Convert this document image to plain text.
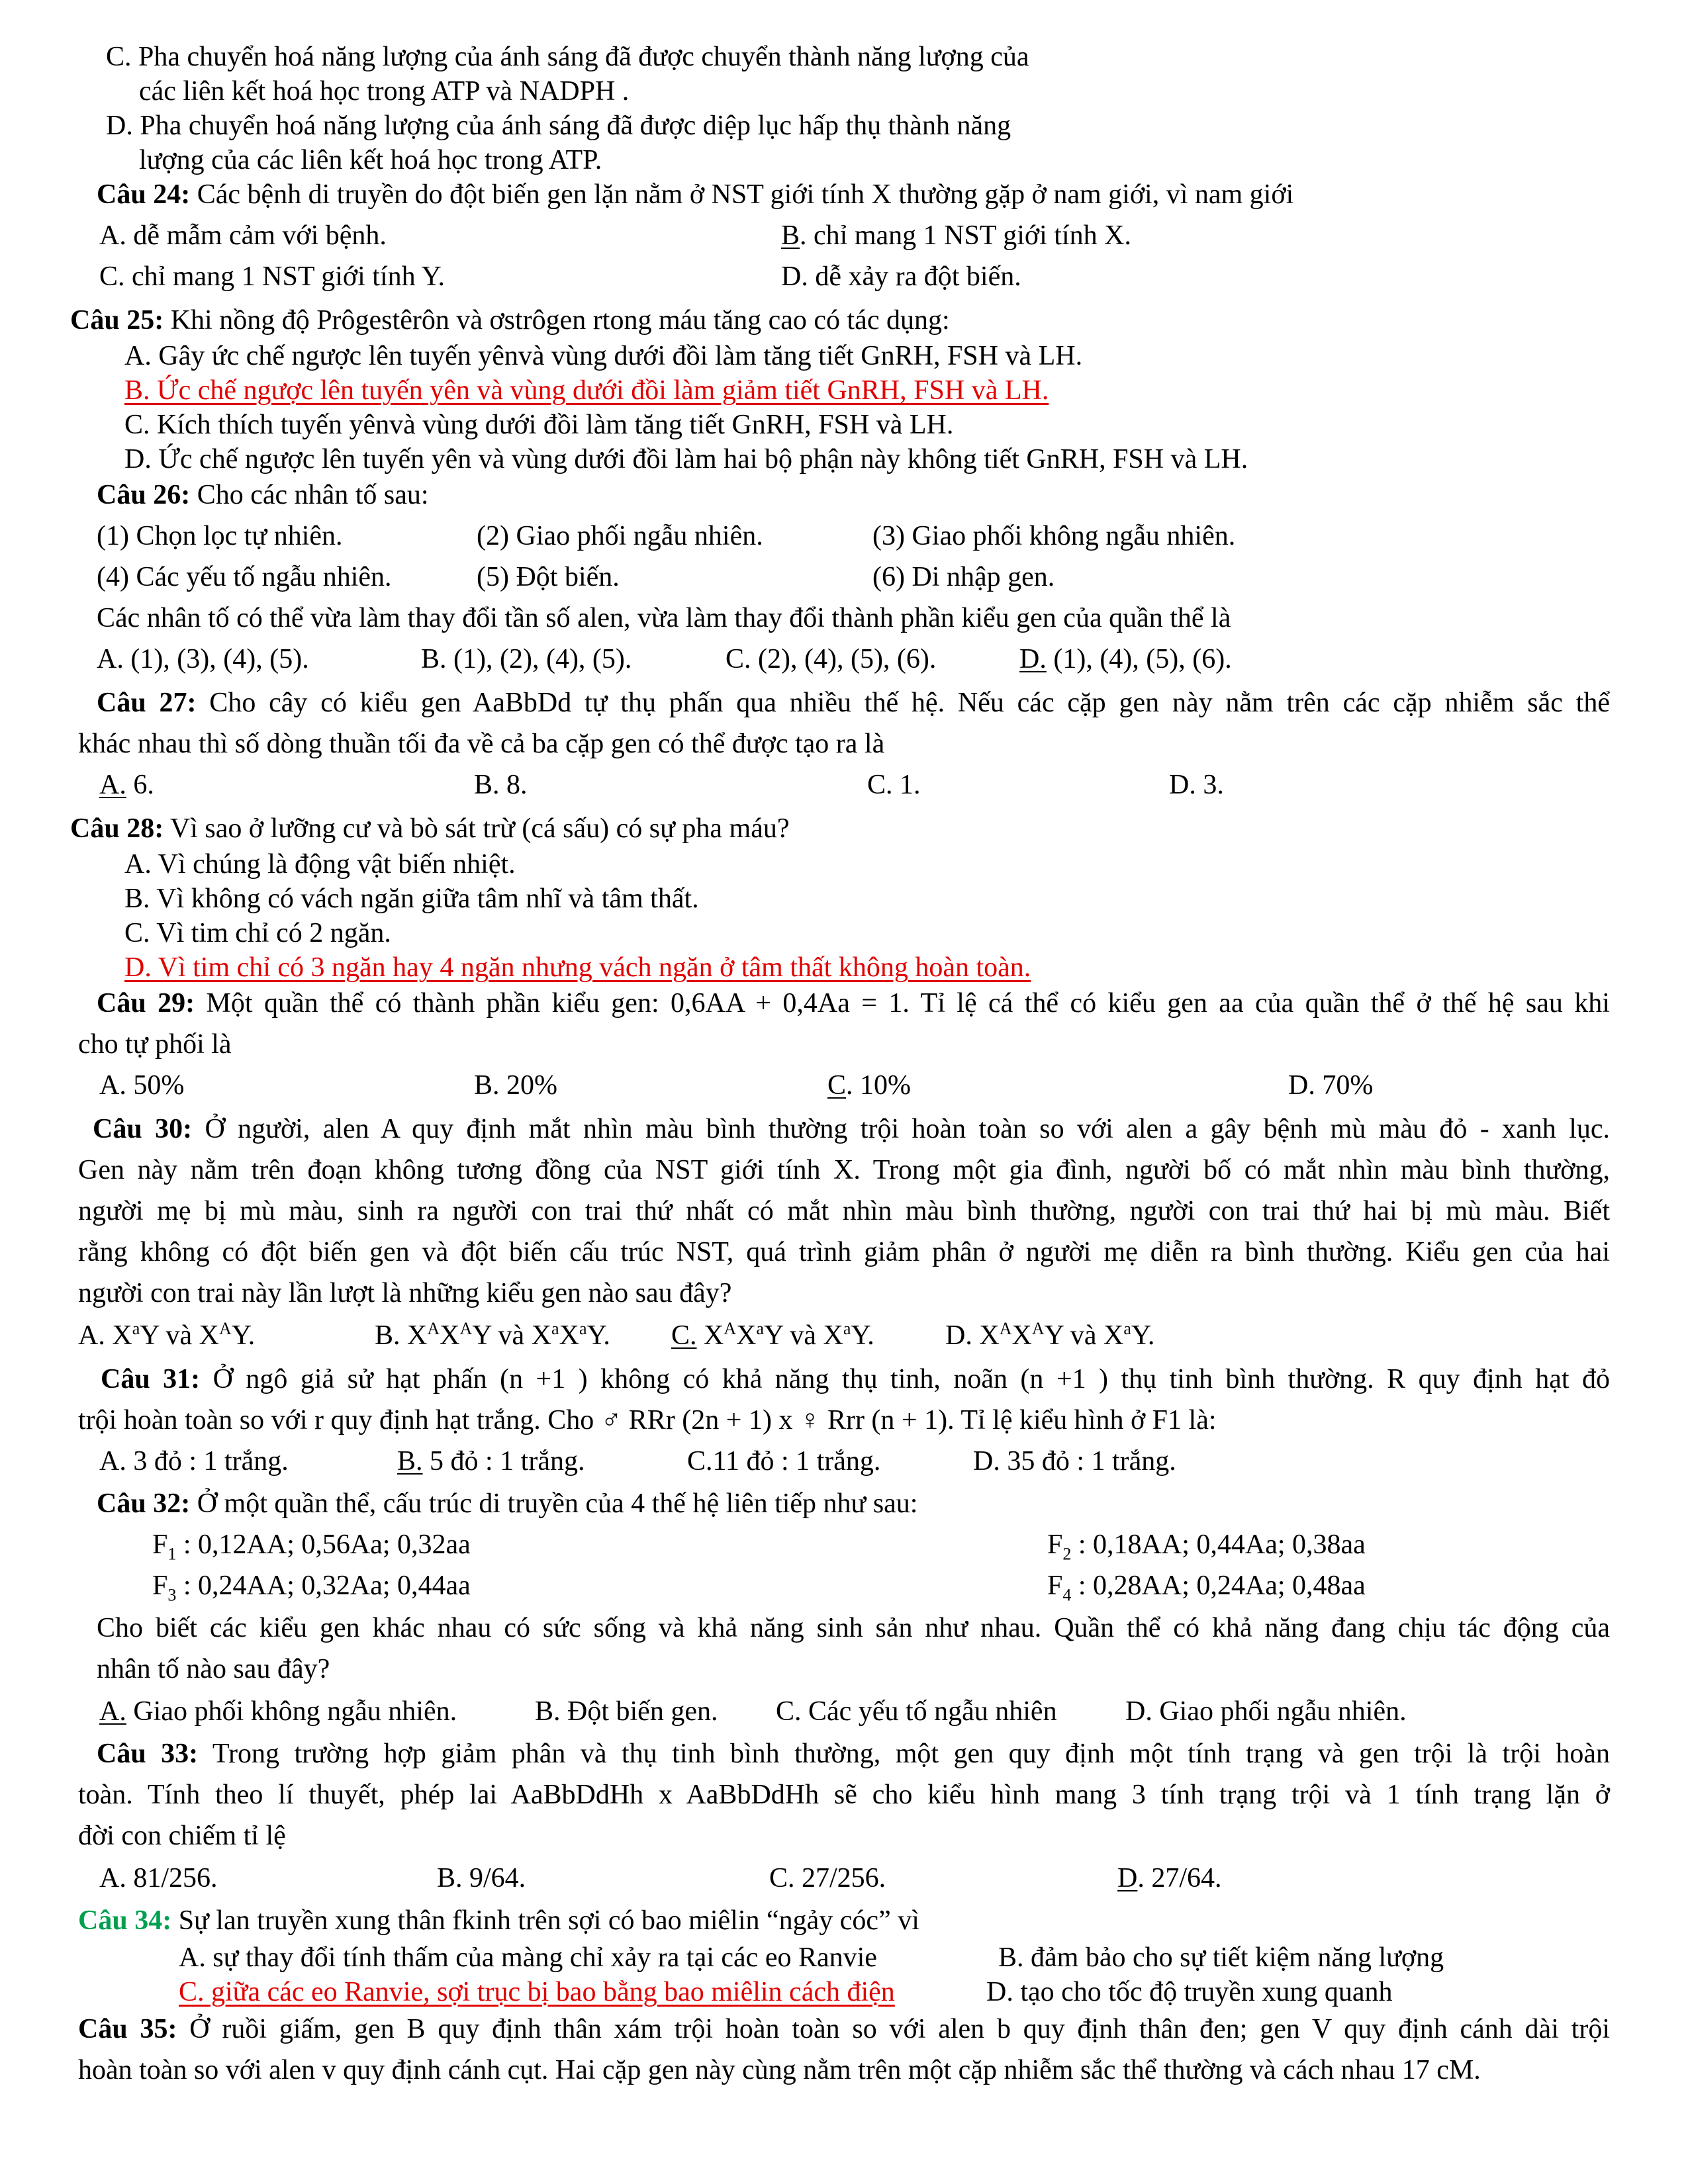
C. Pha chuyển hoá năng lượng của ánh sáng đã được chuyển thành năng lượng của
các liên kết hoá học trong ATP và NADPH .
D. Pha chuyển hoá năng lượng của ánh sáng đã được diệp lục hấp thụ thành năng
lượng của các liên kết hoá học trong ATP.
Câu 24: Các bệnh di truyền do đột biến gen lặn nằm ở NST giới tính X thường gặp ở nam giới, vì nam giới
A. dễ mẫm cảm với bệnh.	B. chỉ mang 1 NST giới tính X.
C. chỉ mang 1 NST giới tính Y.	D. dễ xảy ra đột biến.
Câu 25: Khi nồng độ Prôgestêrôn và ơstrôgen rtong máu tăng cao có tác dụng:
A. Gây ức chế ngược lên tuyến yênvà vùng dưới đồi làm tăng tiết GnRH, FSH và LH.
B. Ức chế ngược lên tuyến yên và vùng dưới đồi làm giảm tiết GnRH, FSH và LH.
C. Kích thích tuyến yênvà vùng dưới đồi làm tăng tiết GnRH, FSH và LH.
D. Ức chế ngược lên tuyến yên và vùng dưới đồi làm hai bộ phận này không tiết GnRH, FSH và LH.
Câu 26: Cho các nhân tố sau:
(1) Chọn lọc tự nhiên.	(2) Giao phối ngẫu nhiên.	(3) Giao phối không ngẫu nhiên.
(4) Các yếu tố ngẫu nhiên.	(5) Đột biến.	(6) Di nhập gen.
Các nhân tố có thể vừa làm thay đổi tần số alen, vừa làm thay đổi thành phần kiểu gen của quần thể là
A. (1), (3), (4), (5).	B. (1), (2), (4), (5).	C. (2), (4), (5), (6).	D. (1), (4), (5), (6).
Câu 27: Cho cây có kiểu gen AaBbDd tự thụ phấn qua nhiều thế hệ. Nếu các cặp gen này nằm trên các cặp nhiễm sắc thể
khác nhau thì số dòng thuần tối đa về cả ba cặp gen có thể được tạo ra là
A. 6.	B. 8.	C. 1.	D. 3.
Câu 28: Vì sao ở lưỡng cư và bò sát trừ (cá sấu) có sự pha máu?
A. Vì chúng là động vật biến nhiệt.
B. Vì không có vách ngăn giữa tâm nhĩ và tâm thất.
C. Vì tim chỉ có 2 ngăn.
D. Vì tim chỉ có 3 ngăn hay 4 ngăn nhưng vách ngăn ở tâm thất không hoàn toàn.
Câu 29: Một quần thể có thành phần kiểu gen: 0,6AA + 0,4Aa = 1. Tỉ lệ cá thể có kiểu gen aa của quần thể ở thế hệ sau khi
cho tự phối là
A. 50%	B. 20%	C. 10%	D. 70%
Câu 30: Ở người, alen A quy định mắt nhìn màu bình thường trội hoàn toàn so với alen a gây bệnh mù màu đỏ - xanh lục.
Gen này nằm trên đoạn không tương đồng của NST giới tính X. Trong một gia đình, người bố có mắt nhìn màu bình thường,
người mẹ bị mù màu, sinh ra người con trai thứ nhất có mắt nhìn màu bình thường, người con trai thứ hai bị mù màu. Biết
rằng không có đột biến gen và đột biến cấu trúc NST, quá trình giảm phân ở người mẹ diễn ra bình thường. Kiểu gen của hai
người con trai này lần lượt là những kiểu gen nào sau đây?
A. $X^aY$ và $X^AY$.	B. $X^AX^AY$ và $X^aX^aY$. C. $X^AX^aY$ và $X^aY$.	D. $X^AX^AY$ và $X^aY$.
Câu 31: Ở ngô giả sử hạt phấn (n +1 ) không có khả năng thụ tinh, noãn (n +1 ) thụ tinh bình thường. R quy định hạt đỏ
trội hoàn toàn so với r quy định hạt trắng. Cho ♂ RRr (2n + 1) x ♀ Rrr (n + 1). Tỉ lệ kiểu hình ở F1 là:
A. 3 đỏ : 1 trắng.	B. 5 đỏ : 1 trắng.	C.11 đỏ : 1 trắng.	D. 35 đỏ : 1 trắng.
Câu 32: Ở một quần thể, cấu trúc di truyền của 4 thế hệ liên tiếp như sau:
$F_1$ : 0,12AA; 0,56Aa; 0,32aa	$F_2$ : 0,18AA; 0,44Aa; 0,38aa
$F_3$ : 0,24AA; 0,32Aa; 0,44aa	$F_4$ : 0,28AA; 0,24Aa; 0,48aa
Cho biết các kiểu gen khác nhau có sức sống và khả năng sinh sản như nhau. Quần thể có khả năng đang chịu tác động của
nhân tố nào sau đây?
A. Giao phối không ngẫu nhiên.	B. Đột biến gen. C. Các yếu tố ngẫu nhiên D. Giao phối ngẫu nhiên.
Câu 33: Trong trường hợp giảm phân và thụ tinh bình thường, một gen quy định một tính trạng và gen trội là trội hoàn
toàn. Tính theo lí thuyết, phép lai AaBbDdHh x AaBbDdHh sẽ cho kiểu hình mang 3 tính trạng trội và 1 tính trạng lặn ở
đời con chiếm tỉ lệ
A. 81/256.	B. 9/64.	C. 27/256.	D. 27/64.
Câu 34: Sự lan truyền xung thân fkinh trên sợi có bao miêlin “ngảy cóc” vì
A. sự thay đổi tính thấm của màng chỉ xảy ra tại các eo Ranvie	B. đảm bảo cho sự tiết kiệm năng lượng
C. giữa các eo Ranvie, sợi trục bị bao bằng bao miêlin cách điện	D. tạo cho tốc độ truyền xung quanh
Câu 35: Ở ruồi giấm, gen B quy định thân xám trội hoàn toàn so với alen b quy định thân đen; gen V quy định cánh dài trội
hoàn toàn so với alen v quy định cánh cụt. Hai cặp gen này cùng nằm trên một cặp nhiễm sắc thể thường và cách nhau 17 cM.
